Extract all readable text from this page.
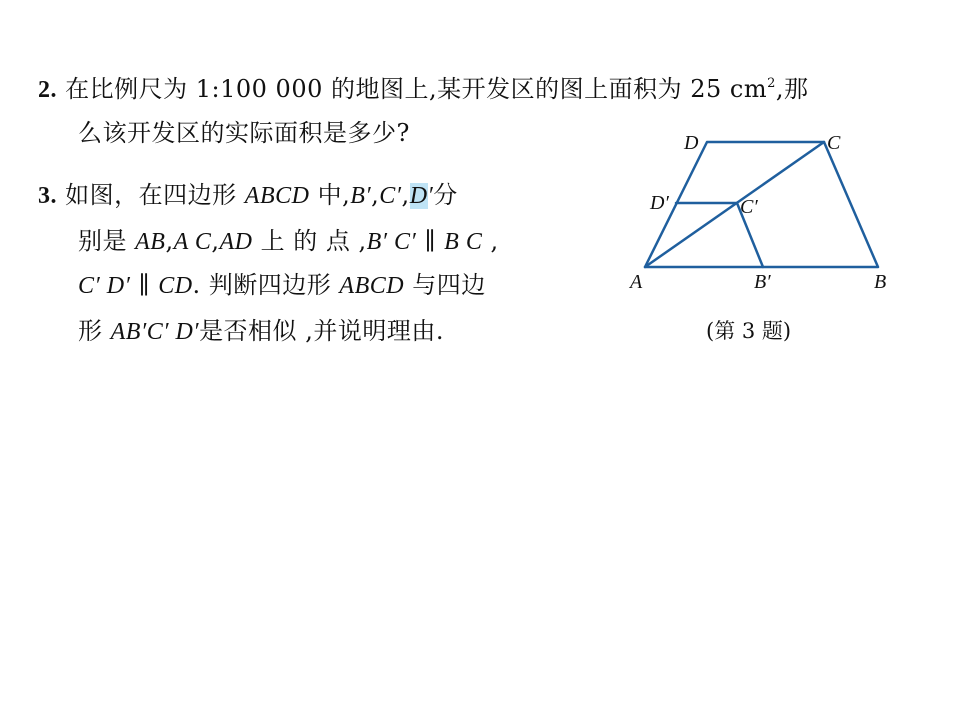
2. 在比例尺为 1:100 000 的地图上,某开发区的图上面积为 25 $cm^2$,那
么该开发区的实际面积是多少?
3. 如图，在四边形 ABCD 中,B′,C′,D′分
别是 AB,A C,AD 上 的 点 ,B′ C′ ∥ B C ,
C′ D′ ∥ CD. 判断四边形 ABCD 与四边
形 AB′C′ D′是否相似 ,并说明理由.
D	C
D′	C′
A	B′	B
(第 3 题)
